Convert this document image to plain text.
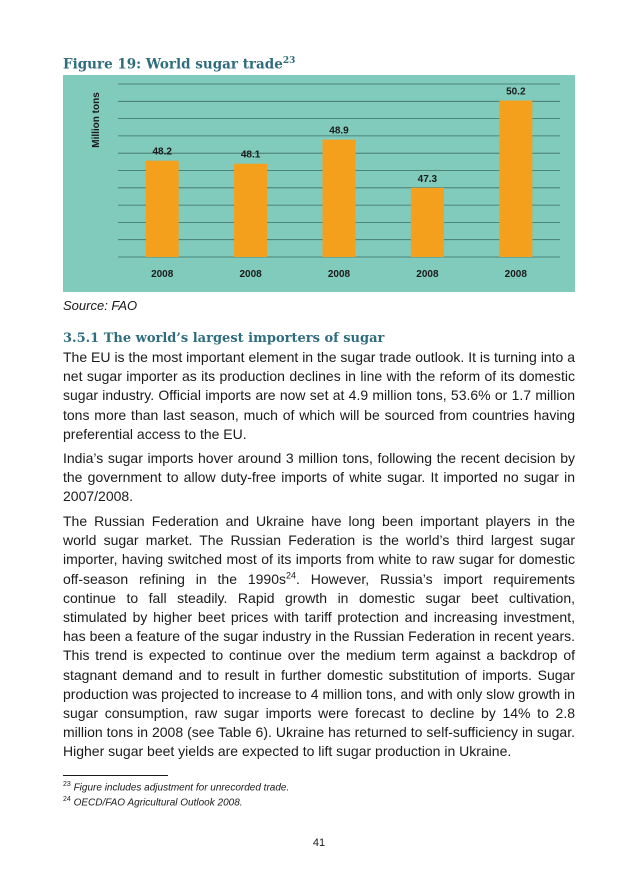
Figure 19: World sugar trade$^{23}$
48.2	48.1
48.9
47.3
50.2
2008	2008	2008	2008	2008
Million tons

Source: FAO

3.5.1 The world’s largest importers of sugar

The EU is the most important element in the sugar trade outlook. It is turning into a net sugar importer as its production declines in line with the reform of its domestic sugar industry. Official imports are now set at 4.9 million tons, 53.6% or 1.7 million tons more than last season, much of which will be sourced from countries having preferential access to the EU.

India’s sugar imports hover around 3 million tons, following the recent decision by the government to allow duty-free imports of white sugar. It imported no sugar in 2007/2008.

The Russian Federation and Ukraine have long been important players in the world sugar market. The Russian Federation is the world’s third largest sugar importer, having switched most of its imports from white to raw sugar for domestic off-season refining in the $1990s^{24}$. However, Russia’s import requirements continue to fall steadily. Rapid growth in domestic sugar beet cultivation, stimulated by higher beet prices with tariff protection and increasing investment, has been a feature of the sugar industry in the Russian Federation in recent years. This trend is expected to continue over the medium term against a backdrop of stagnant demand and to result in further domestic substitution of imports. Sugar production was projected to increase to 4 million tons, and with only slow growth in sugar consumption, raw sugar imports were forecast to decline by 14% to 2.8 million tons in 2008 (see Table 6). Ukraine has returned to self-sufficiency in sugar. Higher sugar beet yields are expected to lift sugar production in Ukraine.

$^{23}$ Figure includes adjustment for unrecorded trade.

$^{24}$ OECD/FAO Agricultural Outlook 2008.

41
